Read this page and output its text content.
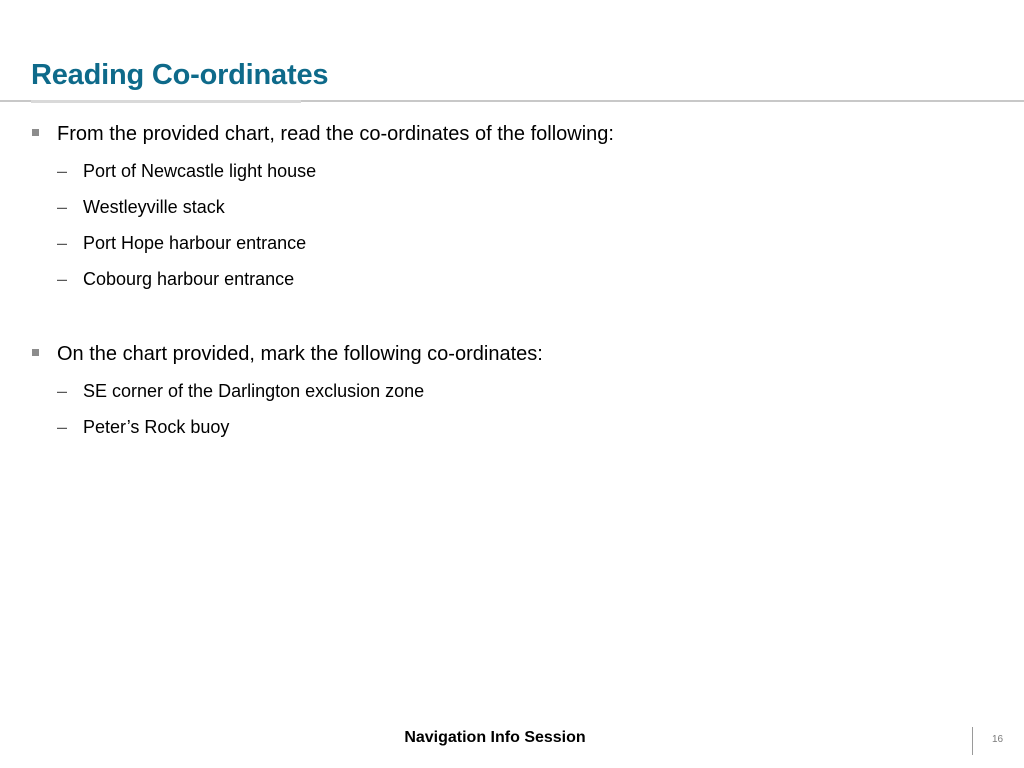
Reading Co-ordinates
From the provided chart, read the co-ordinates of the following:
– Port of Newcastle light house
– Westleyville stack
– Port Hope harbour entrance
– Cobourg harbour entrance
On the chart provided, mark the following co-ordinates:
– SE corner of the Darlington exclusion zone
– Peter’s Rock buoy
Navigation Info Session	16
